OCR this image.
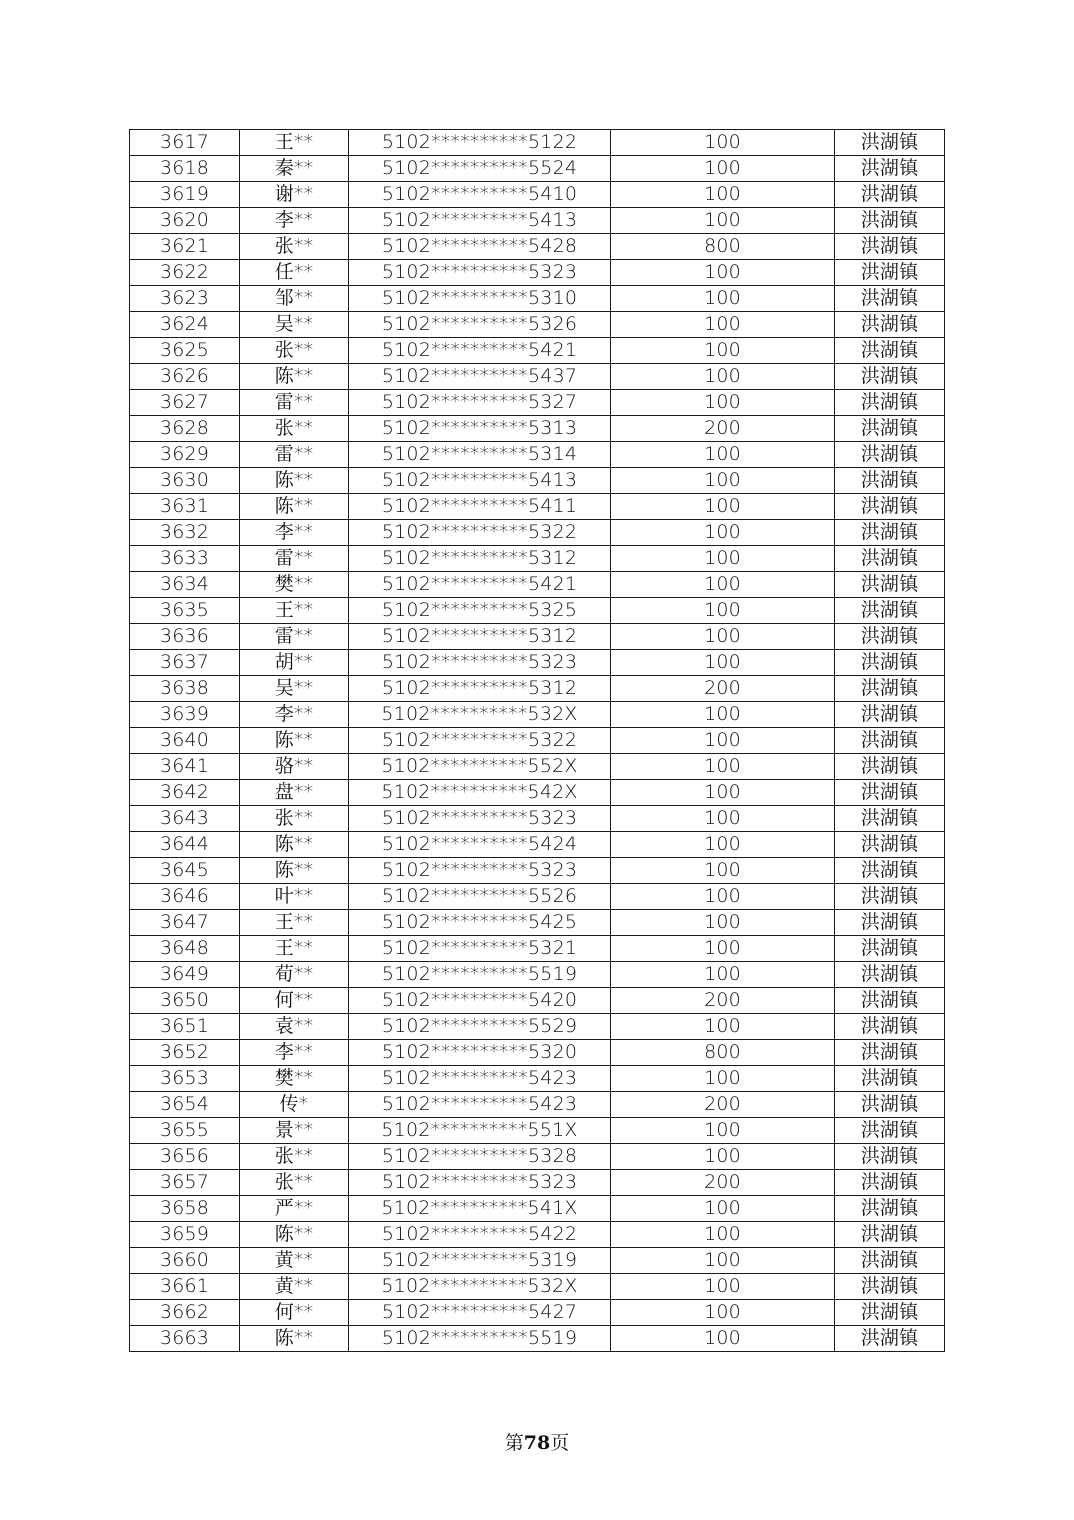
3617	王**	5102**********5122	100	洪湖镇
3618	秦**	5102**********5524	100	洪湖镇
3619	谢**	5102**********5410	100	洪湖镇
3620	李**	5102**********5413	100	洪湖镇
3621	张**	5102**********5428	800	洪湖镇
3622	任**	5102**********5323	100	洪湖镇
3623	邹**	5102**********5310	100	洪湖镇
3624	吴**	5102**********5326	100	洪湖镇
3625	张**	5102**********5421	100	洪湖镇
3626	陈**	5102**********5437	100	洪湖镇
3627	雷**	5102**********5327	100	洪湖镇
3628	张**	5102**********5313	200	洪湖镇
3629	雷**	5102**********5314	100	洪湖镇
3630	陈**	5102**********5413	100	洪湖镇
3631	陈**	5102**********5411	100	洪湖镇
3632	李**	5102**********5322	100	洪湖镇
3633	雷**	5102**********5312	100	洪湖镇
3634	樊**	5102**********5421	100	洪湖镇
3635	王**	5102**********5325	100	洪湖镇
3636	雷**	5102**********5312	100	洪湖镇
3637	胡**	5102**********5323	100	洪湖镇
3638	吴**	5102**********5312	200	洪湖镇
3639	李**	5102**********532X	100	洪湖镇
3640	陈**	5102**********5322	100	洪湖镇
3641	骆**	5102**********552X	100	洪湖镇
3642	盘**	5102**********542X	100	洪湖镇
3643	张**	5102**********5323	100	洪湖镇
3644	陈**	5102**********5424	100	洪湖镇
3645	陈**	5102**********5323	100	洪湖镇
3646	叶**	5102**********5526	100	洪湖镇
3647	王**	5102**********5425	100	洪湖镇
3648	王**	5102**********5321	100	洪湖镇
3649	荀**	5102**********5519	100	洪湖镇
3650	何**	5102**********5420	200	洪湖镇
3651	袁**	5102**********5529	100	洪湖镇
3652	李**	5102**********5320	800	洪湖镇
3653	樊**	5102**********5423	100	洪湖镇
3654	传*	5102**********5423	200	洪湖镇
3655	景**	5102**********551X	100	洪湖镇
3656	张**	5102**********5328	100	洪湖镇
3657	张**	5102**********5323	200	洪湖镇
3658	严**	5102**********541X	100	洪湖镇
3659	陈**	5102**********5422	100	洪湖镇
3660	黄**	5102**********5319	100	洪湖镇
3661	黄**	5102**********532X	100	洪湖镇
3662	何**	5102**********5427	100	洪湖镇
3663	陈**	5102**********5519	100	洪湖镇
第78页
